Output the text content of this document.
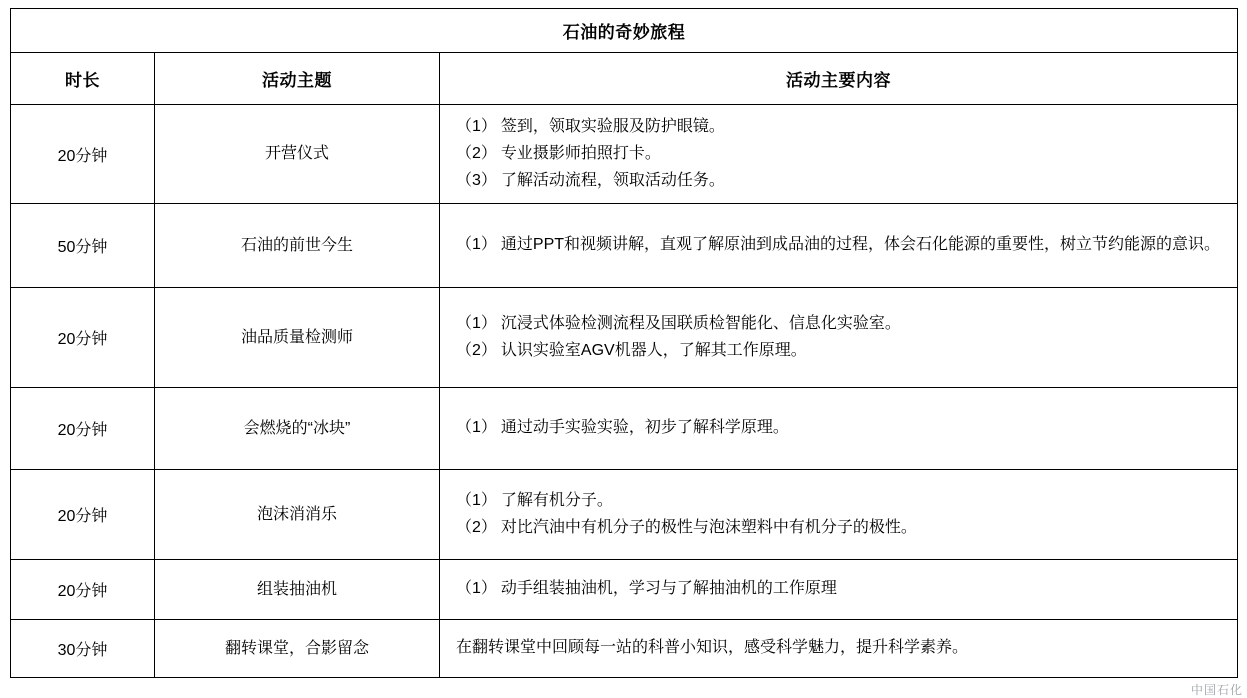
石油的奇妙旅程		
时长	活动主题	活动主要内容
20分钟	开营仪式	（1） 签到，领取实验服及防护眼镜。
（2） 专业摄影师拍照打卡。
（3） 了解活动流程，领取活动任务。

50分钟	石油的前世今生	（1） 通过PPT和视频讲解，直观了解原油到成品油的过程，体会石化能源的重要性，树立节约能源的意识。

20分钟	油品质量检测师	（1） 沉浸式体验检测流程及国联质检智能化、信息化实验室。
（2） 认识实验室AGV机器人，了解其工作原理。

20分钟	会燃烧的“冰块”	（1） 通过动手实验实验，初步了解科学原理。

20分钟	泡沫消消乐	（1） 了解有机分子。
（2） 对比汽油中有机分子的极性与泡沫塑料中有机分子的极性。

20分钟	组装抽油机	（1） 动手组装抽油机，学习与了解抽油机的工作原理

30分钟	翻转课堂，合影留念	在翻转课堂中回顾每一站的科普小知识，感受科学魅力，提升科学素养。
中国石化
